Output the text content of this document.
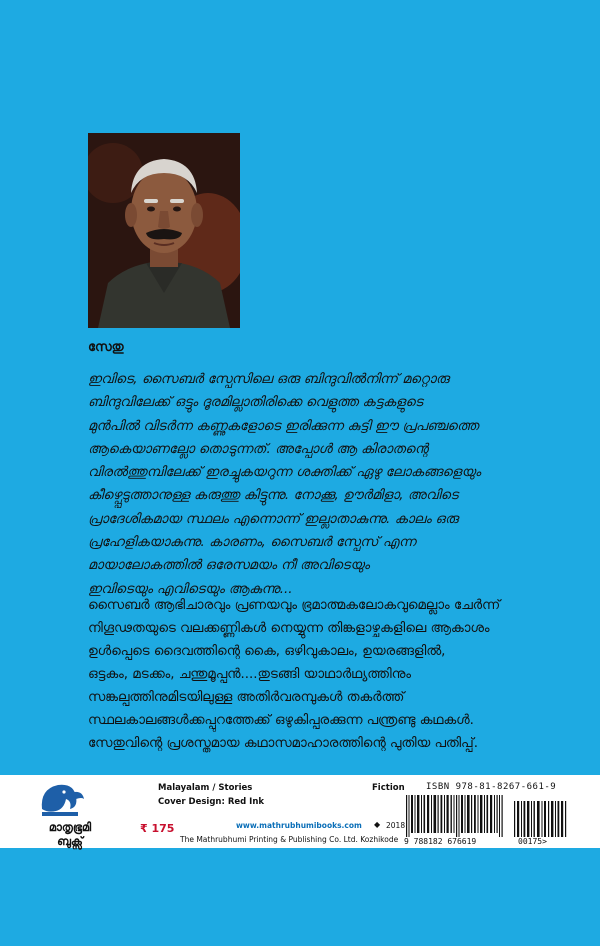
സേതു

ഇവിടെ, സൈബർ സ്പേസിലെ ഒരു ബിന്ദുവിൽനിന്ന് മറ്റൊരു
ബിന്ദുവിലേക്ക് ഒട്ടും ദൂരമില്ലാതിരിക്കെ വെളുത്ത കട്ടകളുടെ
മുൻപിൽ വിടർന്ന കണ്ണുകളോടെ ഇരിക്കുന്ന കുട്ടി ഈ പ്രപഞ്ചത്തെ
ആകെയാണല്ലോ തൊടുന്നത്. അപ്പോൾ ആ കിരാതന്റെ
വിരൽത്തുമ്പിലേക്ക് ഇരച്ചുകയറുന്ന ശക്തിക്ക് ഏഴു ലോകങ്ങളെയും
കീഴ്പ്പെടുത്താനുള്ള കരുത്തു കിട്ടുന്നു. നോക്കൂ, ഊർമിളാ, അവിടെ
പ്രാദേശികമായ സ്ഥലം എന്നൊന്ന് ഇല്ലാതാകുന്നു. കാലം ഒരു
പ്രഹേളികയാകുന്നു. കാരണം, സൈബർ സ്പേസ് എന്ന
മായാലോകത്തിൽ ഒരേസമയം നീ അവിടെയും
ഇവിടെയും എവിടെയും ആകുന്നു...

സൈബർ ആഭിചാരവും പ്രണയവും ഭ്രമാത്മകലോകവുമെല്ലാം ചേർന്ന്
നിഗൂഢതയുടെ വലക്കണ്ണികൾ നെയ്യുന്ന തിങ്കളാഴ്ചകളിലെ ആകാശം
ഉൾപ്പെടെ ദൈവത്തിന്റെ കൈ, ഒഴിവുകാലം, ഉയരങ്ങളിൽ,
ഒട്ടകം, മടക്കം, ചന്തുമൂപ്പൻ....തുടങ്ങി യാഥാർഥ്യത്തിനും
സങ്കല്പത്തിനുമിടയിലുള്ള അതിർവരമ്പുകൾ തകർത്ത്
സ്ഥലകാലങ്ങൾക്കപ്പുറത്തേക്ക് ഒഴുകിപ്പരക്കുന്ന പന്ത്രണ്ടു കഥകൾ.
സേതുവിന്റെ പ്രശസ്തമായ കഥാസമാഹാരത്തിന്റെ പുതിയ പതിപ്പ്.

മാതൃഭൂമി
ബുക്സ്
Malayalam / Stories
Cover Design: Red Ink
₹ 175
Fiction
www.mathrubhumibooks.com ◆ 2018
The Mathrubhumi Printing & Publishing Co. Ltd. Kozhikode
ISBN 978-81-8267-661-9
9 788182 676619	00175>
